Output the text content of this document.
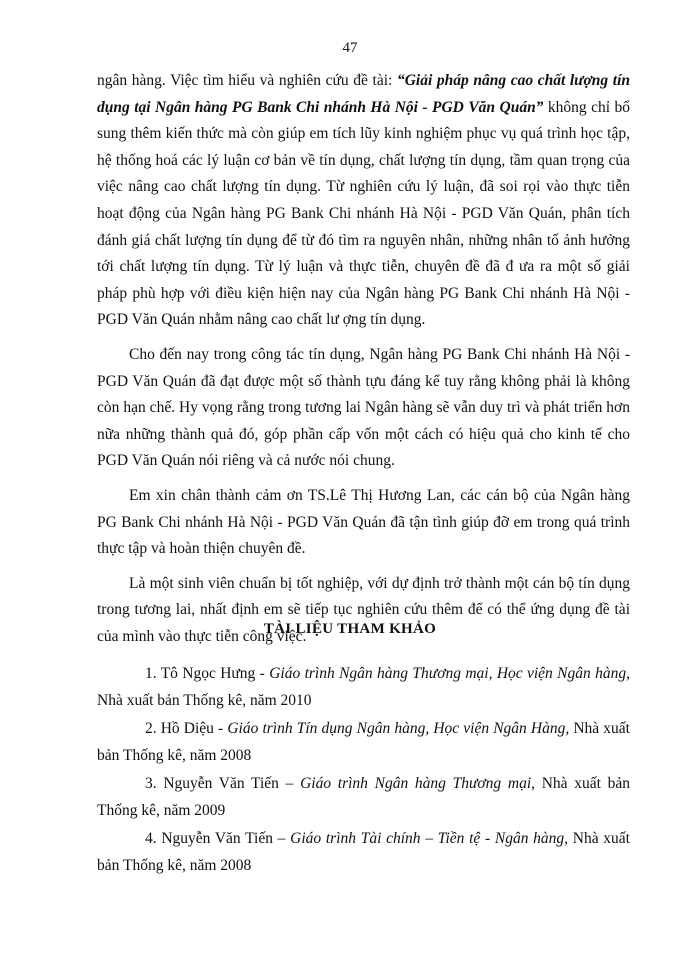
47

ngân hàng. Việc tìm hiểu và nghiên cứu đề tài: “Giải pháp nâng cao chất lượng tín dụng tại Ngân hàng PG Bank Chi nhánh Hà Nội - PGD Văn Quán” không chỉ bổ sung thêm kiến thức mà còn giúp em tích lũy kinh nghiệm phục vụ quá trình học tập, hệ thống hoá các lý luận cơ bản về tín dụng, chất lượng tín dụng, tầm quan trọng của việc nâng cao chất lượng tín dụng. Từ nghiên cứu lý luận, đã soi rọi vào thực tiễn hoạt động của Ngân hàng PG Bank Chi nhánh Hà Nội - PGD Văn Quán, phân tích đánh giá chất lượng tín dụng để từ đó tìm ra nguyên nhân, những nhân tố ảnh hưởng tới chất lượng tín dụng. Từ lý luận và thực tiễn, chuyên đề đã đ ưa ra một số giải pháp phù hợp với điều kiện hiện nay của Ngân hàng PG Bank Chi nhánh Hà Nội - PGD Văn Quán nhằm nâng cao chất lư ợng tín dụng.

Cho đến nay trong công tác tín dụng, Ngân hàng PG Bank Chi nhánh Hà Nội - PGD Văn Quán đã đạt được một số thành tựu đáng kể tuy rằng không phải là không còn hạn chế. Hy vọng rằng trong tương lai Ngân hàng sẽ vẫn duy trì và phát triển hơn nữa những thành quả đó, góp phần cấp vốn một cách có hiệu quả cho kinh tế cho PGD Văn Quán nói riêng và cả nước nói chung.

Em xin chân thành cảm ơn TS.Lê Thị Hương Lan, các cán bộ của Ngân hàng PG Bank Chi nhánh Hà Nội - PGD Văn Quán đã tận tình giúp đỡ em trong quá trình thực tập và hoàn thiện chuyên đề.

Là một sinh viên chuẩn bị tốt nghiệp, với dự định trở thành một cán bộ tín dụng trong tương lai, nhất định em sẽ tiếp tục nghiên cứu thêm để có thể ứng dụng đề tài của mình vào thực tiễn công việc.

TÀI LIỆU THAM KHẢO

1. Tô Ngọc Hưng - Giáo trình Ngân hàng Thương mại, Học viện Ngân hàng, Nhà xuất bản Thống kê, năm 2010

2. Hồ Diệu - Giáo trình Tín dụng Ngân hàng, Học viện Ngân Hàng, Nhà xuất bản Thống kê, năm 2008

3. Nguyễn Văn Tiến – Giáo trình Ngân hàng Thương mại, Nhà xuất bản Thống kê, năm 2009

4. Nguyễn Văn Tiến – Giáo trình Tài chính – Tiền tệ - Ngân hàng, Nhà xuất bản Thống kê, năm 2008
